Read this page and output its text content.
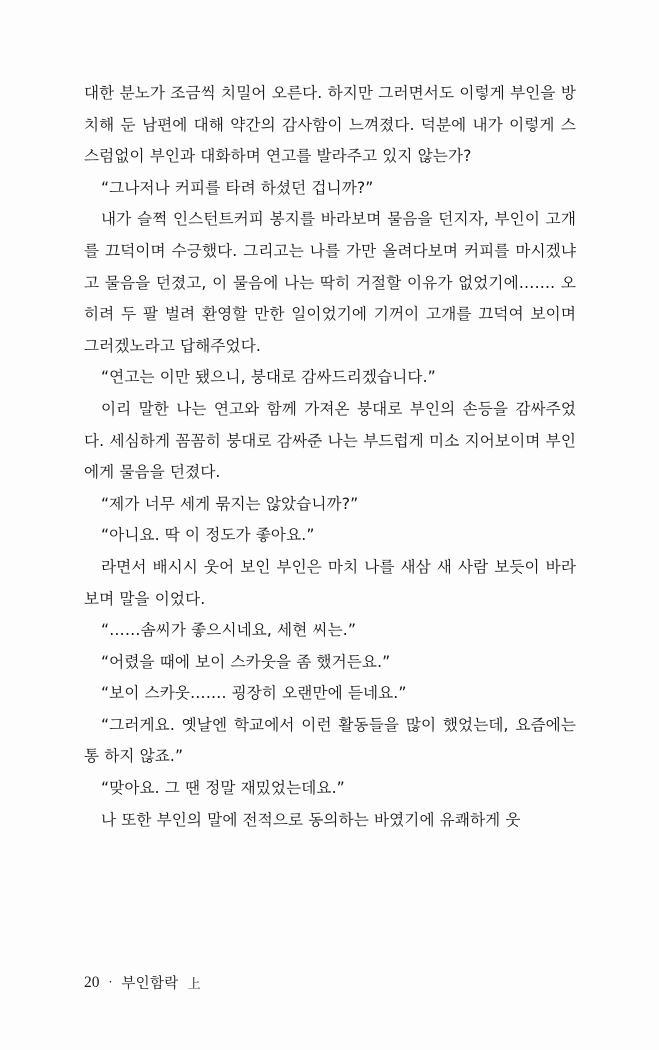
대한 분노가 조금씩 치밀어 오른다. 하지만 그러면서도 이렇게 부인을 방치해 둔 남편에 대해 약간의 감사함이 느껴졌다. 덕분에 내가 이렇게 스스럼없이 부인과 대화하며 연고를 발라주고 있지 않는가?

“그나저나 커피를 타려 하셨던 겁니까?”

내가 슬쩍 인스턴트커피 봉지를 바라보며 물음을 던지자, 부인이 고개를 끄덕이며 수긍했다. 그리고는 나를 가만 올려다보며 커피를 마시겠냐고 물음을 던졌고, 이 물음에 나는 딱히 거절할 이유가 없었기에……. 오히려 두 팔 벌려 환영할 만한 일이었기에 기꺼이 고개를 끄덕여 보이며 그러겠노라고 답해주었다.

“연고는 이만 됐으니, 붕대로 감싸드리겠습니다.”

이리 말한 나는 연고와 함께 가져온 붕대로 부인의 손등을 감싸주었다. 세심하게 꼼꼼히 붕대로 감싸준 나는 부드럽게 미소 지어보이며 부인에게 물음을 던졌다.

“제가 너무 세게 묶지는 않았습니까?”

“아니요. 딱 이 정도가 좋아요.”

라면서 배시시 웃어 보인 부인은 마치 나를 새삼 새 사람 보듯이 바라보며 말을 이었다.

“……솜씨가 좋으시네요, 세현 씨는.”

“어렸을 때에 보이 스카웃을 좀 했거든요.”

“보이 스카웃……. 굉장히 오랜만에 듣네요.”

“그러게요. 옛날엔 학교에서 이런 활동들을 많이 했었는데, 요즘에는 통 하지 않죠.”

“맞아요. 그 땐 정말 재밌었는데요.”

나 또한 부인의 말에 전적으로 동의하는 바였기에 유쾌하게 웃

20 · 부인함락 上
